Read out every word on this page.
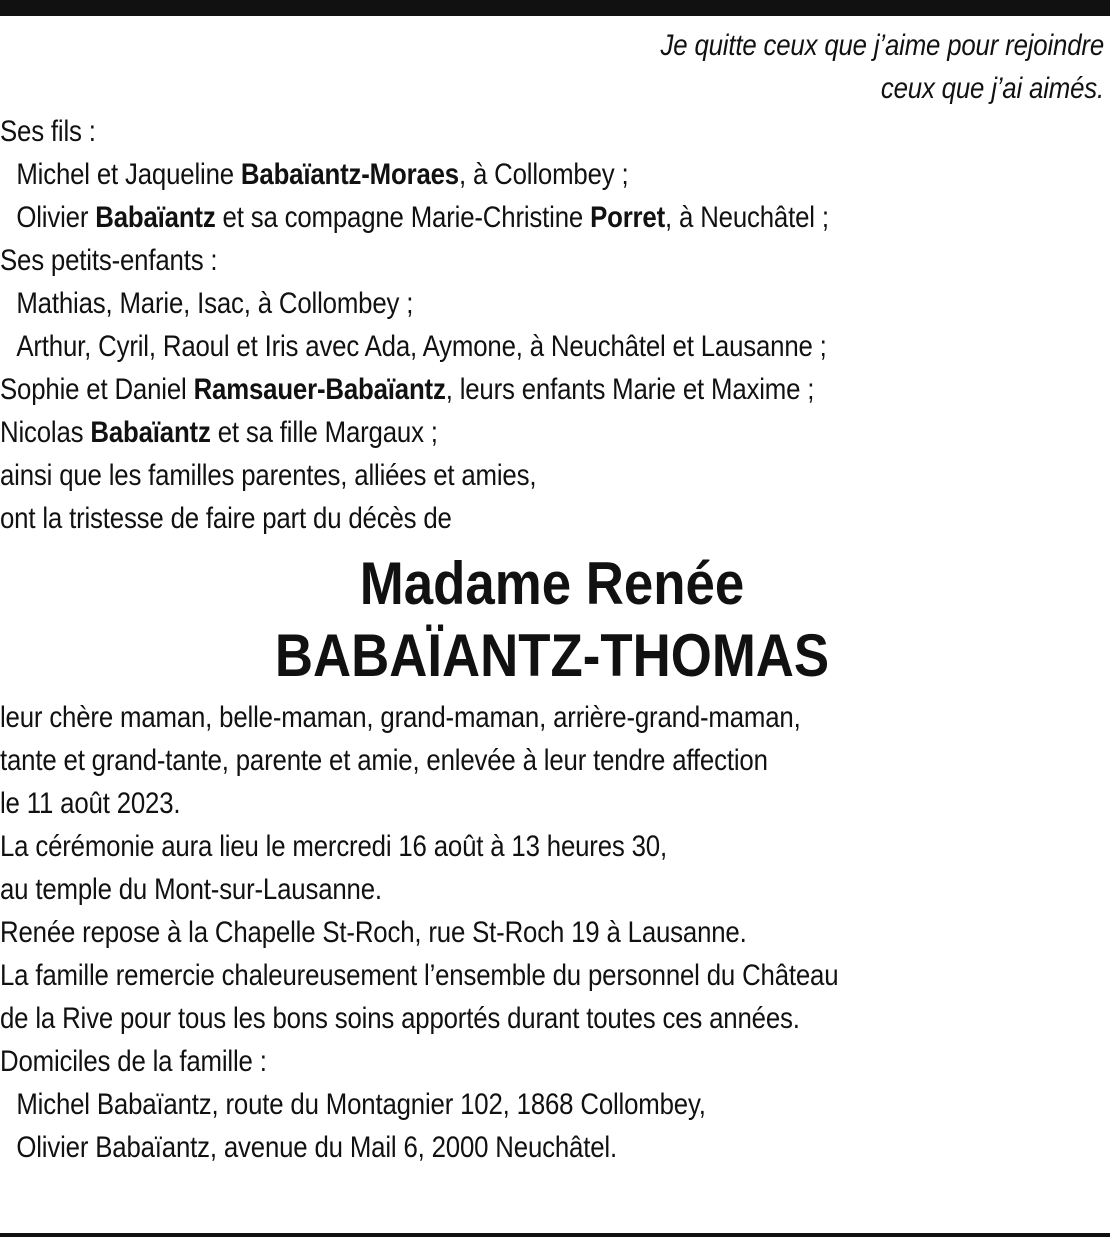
Je quitte ceux que j’aime pour rejoindre
ceux que j’ai aimés.
Ses fils :
Michel et Jaqueline Babaïantz-Moraes, à Collombey ;
Olivier Babaïantz et sa compagne Marie-Christine Porret, à Neuchâtel ;
Ses petits-enfants :
Mathias, Marie, Isac, à Collombey ;
Arthur, Cyril, Raoul et Iris avec Ada, Aymone, à Neuchâtel et Lausanne ;
Sophie et Daniel Ramsauer-Babaïantz, leurs enfants Marie et Maxime ;
Nicolas Babaïantz et sa fille Margaux ;
ainsi que les familles parentes, alliées et amies,
ont la tristesse de faire part du décès de
Madame Renée
BABAÏANTZ-THOMAS
leur chère maman, belle-maman, grand-maman, arrière-grand-maman,
tante et grand-tante, parente et amie, enlevée à leur tendre affection
le 11 août 2023.
La cérémonie aura lieu le mercredi 16 août à 13 heures 30,
au temple du Mont-sur-Lausanne.
Renée repose à la Chapelle St-Roch, rue St-Roch 19 à Lausanne.
La famille remercie chaleureusement l’ensemble du personnel du Château
de la Rive pour tous les bons soins apportés durant toutes ces années.
Domiciles de la famille :
Michel Babaïantz, route du Montagnier 102, 1868 Collombey,
Olivier Babaïantz, avenue du Mail 6, 2000 Neuchâtel.
